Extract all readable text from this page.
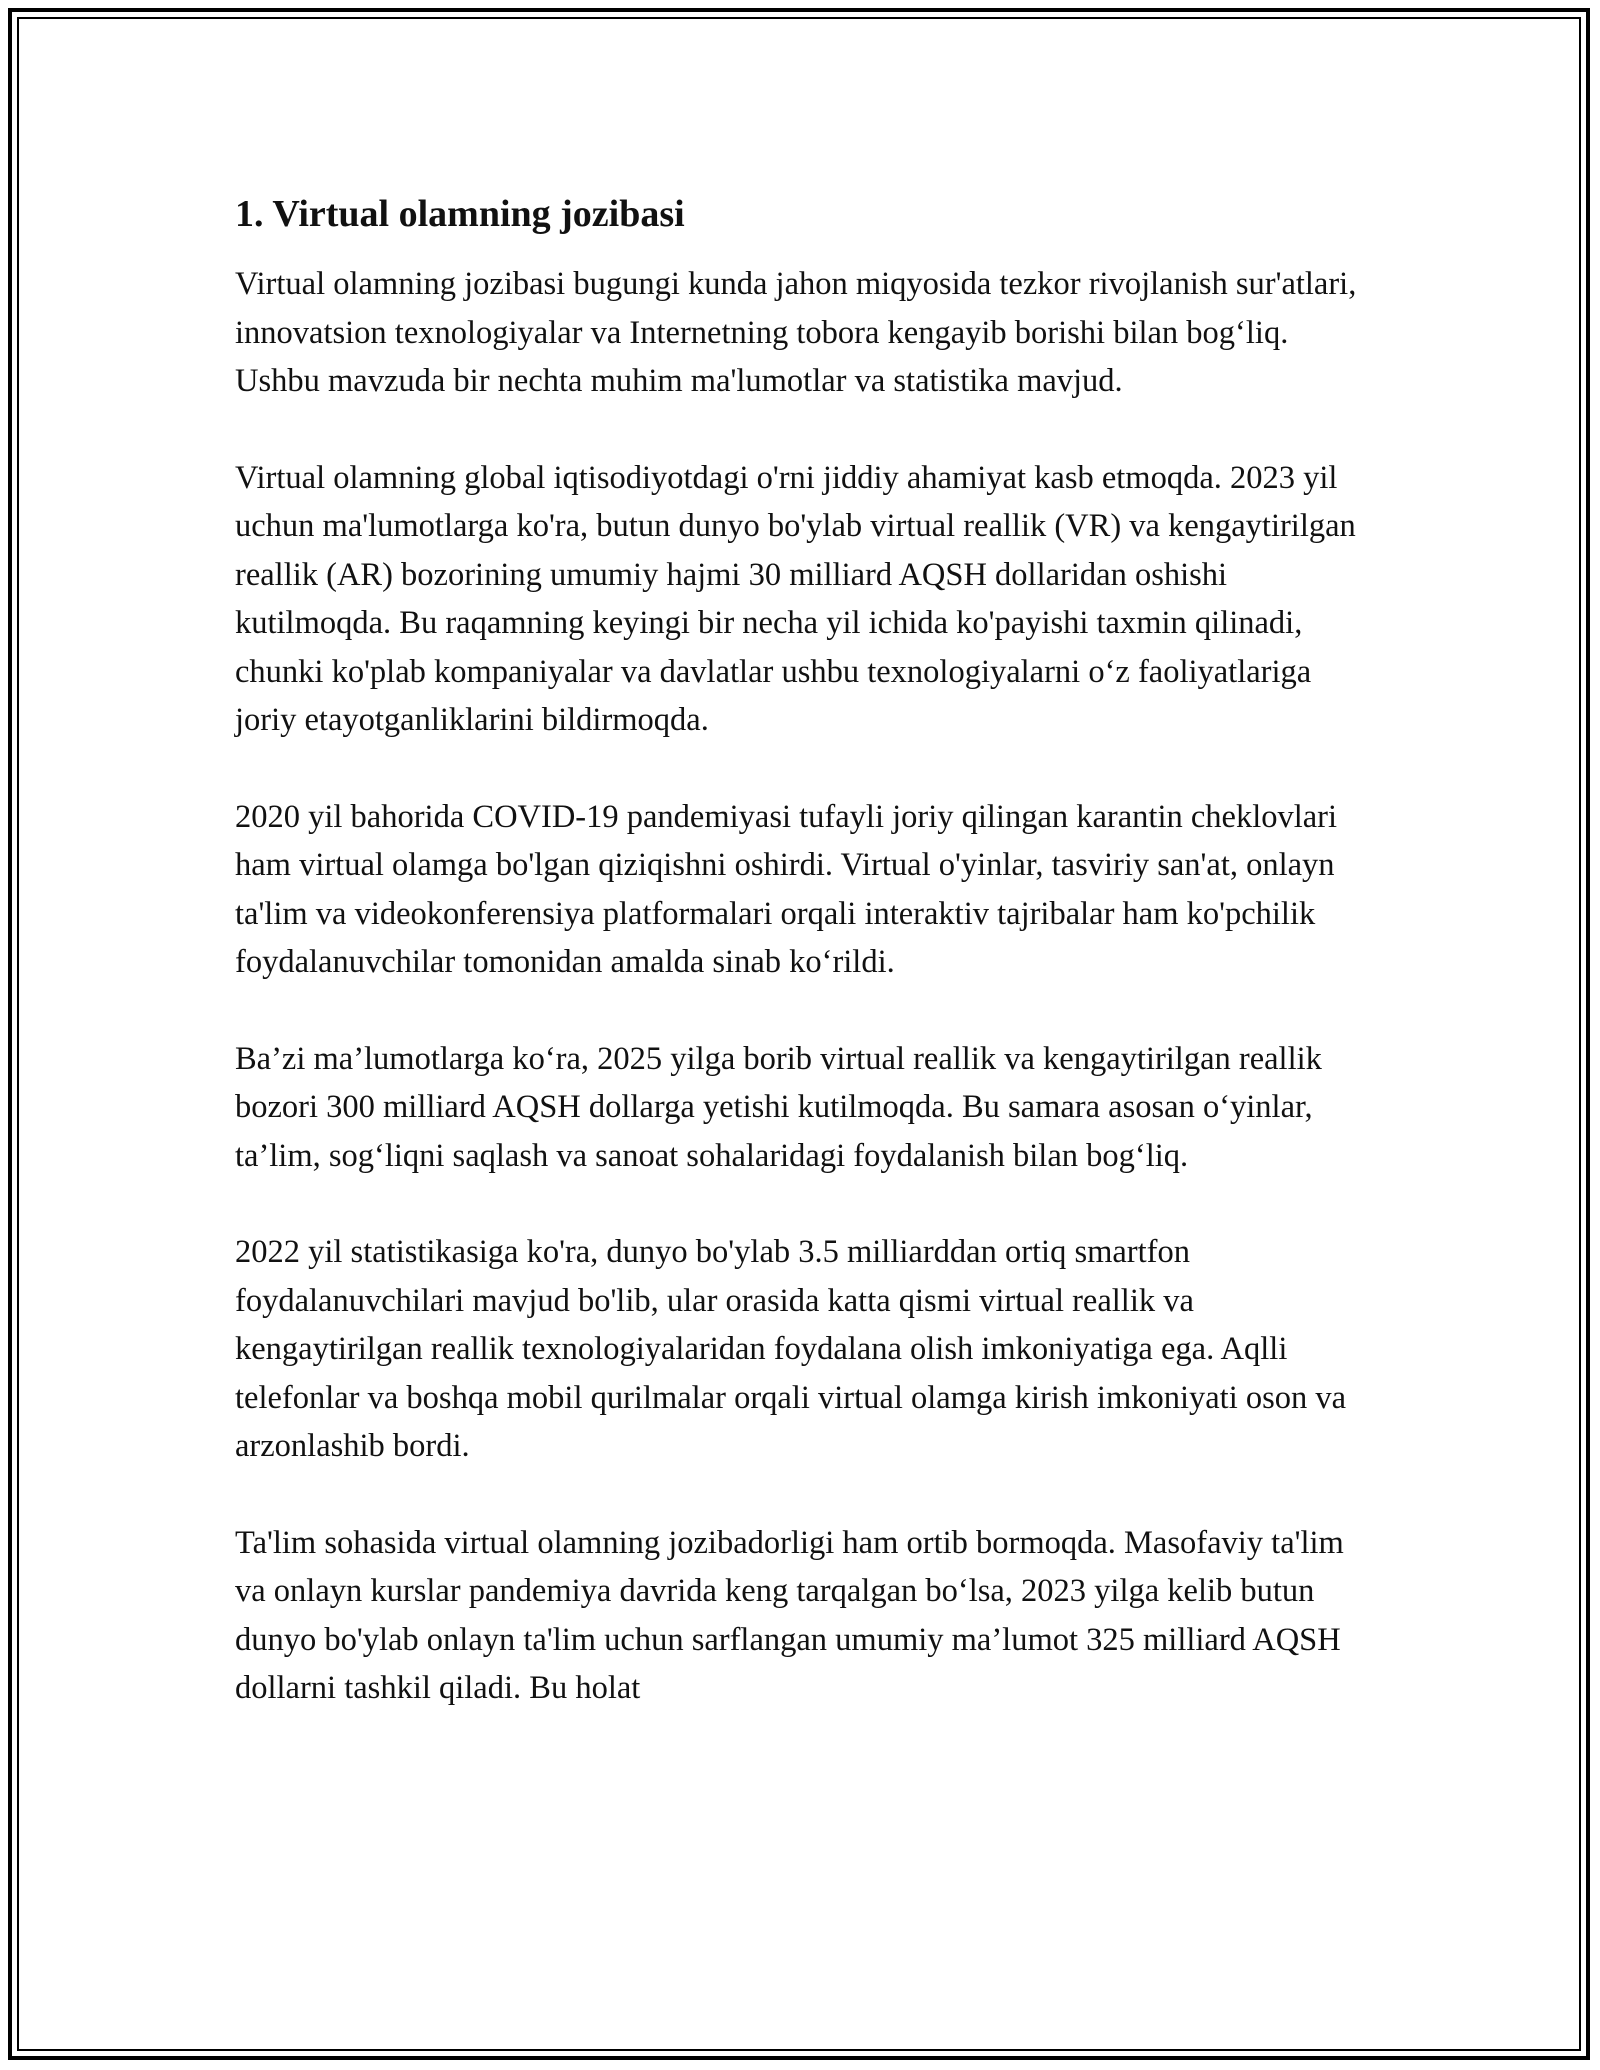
1. Virtual olamning jozibasi

Virtual olamning jozibasi bugungi kunda jahon miqyosida tezkor rivojlanish sur'atlari, innovatsion texnologiyalar va Internetning tobora kengayib borishi bilan bog‘liq. Ushbu mavzuda bir nechta muhim ma'lumotlar va statistika mavjud.

Virtual olamning global iqtisodiyotdagi o'rni jiddiy ahamiyat kasb etmoqda. 2023 yil uchun ma'lumotlarga ko'ra, butun dunyo bo'ylab virtual reallik (VR) va kengaytirilgan reallik (AR) bozorining umumiy hajmi 30 milliard AQSH dollaridan oshishi kutilmoqda. Bu raqamning keyingi bir necha yil ichida ko'payishi taxmin qilinadi, chunki ko'plab kompaniyalar va davlatlar ushbu texnologiyalarni o‘z faoliyatlariga joriy etayotganliklarini bildirmoqda.

2020 yil bahorida COVID-19 pandemiyasi tufayli joriy qilingan karantin cheklovlari ham virtual olamga bo'lgan qiziqishni oshirdi. Virtual o'yinlar, tasviriy san'at, onlayn ta'lim va videokonferensiya platformalari orqali interaktiv tajribalar ham ko'pchilik foydalanuvchilar tomonidan amalda sinab ko‘rildi.

Ba’zi ma’lumotlarga ko‘ra, 2025 yilga borib virtual reallik va kengaytirilgan reallik bozori 300 milliard AQSH dollarga yetishi kutilmoqda. Bu samara asosan o‘yinlar, ta’lim, sog‘liqni saqlash va sanoat sohalaridagi foydalanish bilan bog‘liq.

2022 yil statistikasiga ko'ra, dunyo bo'ylab 3.5 milliarddan ortiq smartfon foydalanuvchilari mavjud bo'lib, ular orasida katta qismi virtual reallik va kengaytirilgan reallik texnologiyalaridan foydalana olish imkoniyatiga ega. Aqlli telefonlar va boshqa mobil qurilmalar orqali virtual olamga kirish imkoniyati oson va arzonlashib bordi.

Ta'lim sohasida virtual olamning jozibadorligi ham ortib bormoqda. Masofaviy ta'lim va onlayn kurslar pandemiya davrida keng tarqalgan bo‘lsa, 2023 yilga kelib butun dunyo bo'ylab onlayn ta'lim uchun sarflangan umumiy ma’lumot 325 milliard AQSH dollarni tashkil qiladi. Bu holat
